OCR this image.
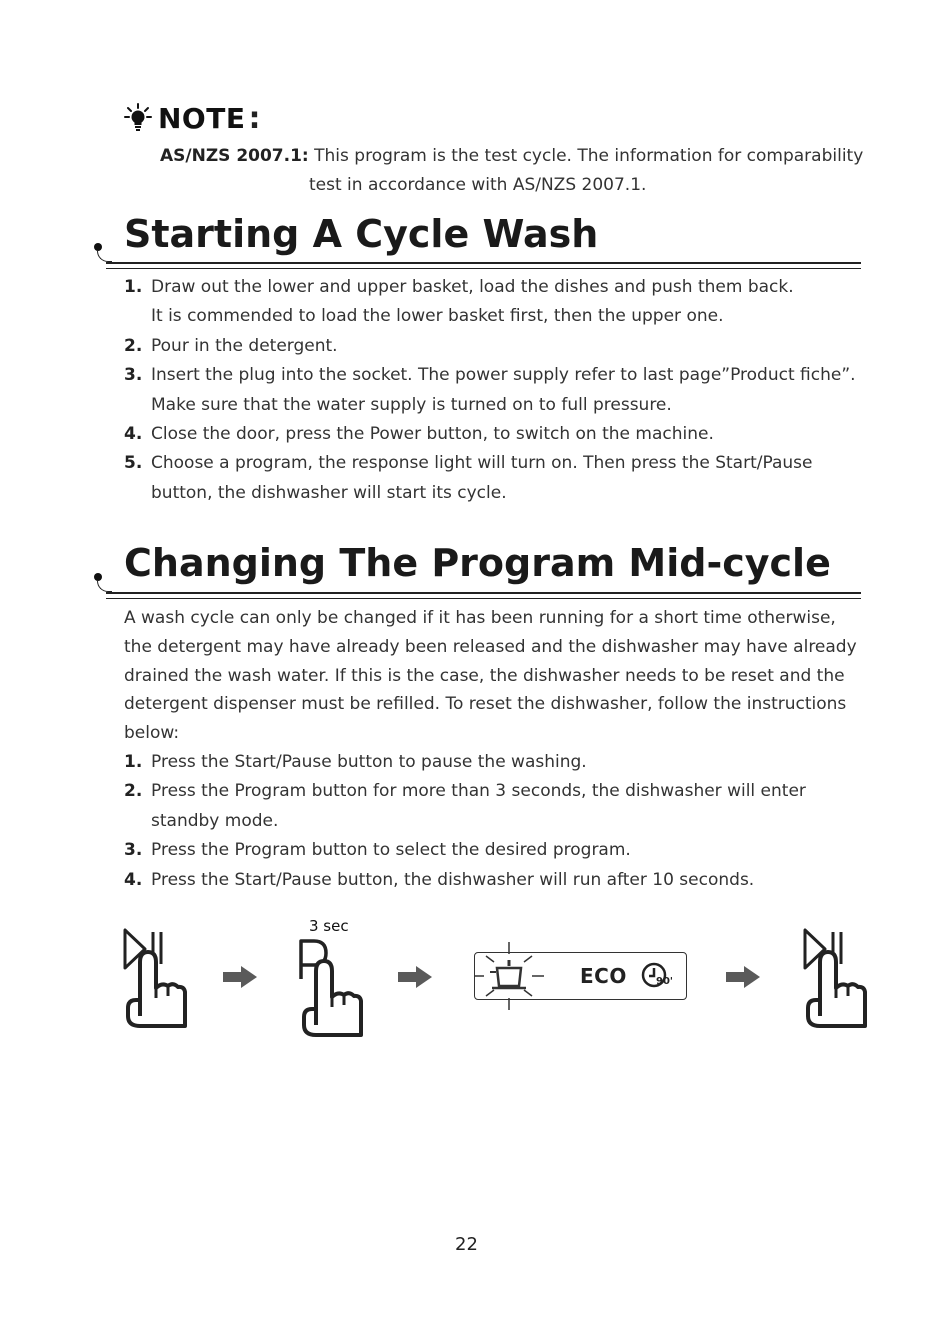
NOTE :
AS/NZS 2007.1: This program is the test cycle. The information for comparability
test in accordance with AS/NZS 2007.1.
Starting A Cycle Wash
1. Draw out the lower and upper basket, load the dishes and push them back.
It is commended to load the lower basket first, then the upper one.
2. Pour in the detergent.
3. Insert the plug into the socket. The power supply refer to last page”Product fiche”.
Make sure that the water supply is turned on to full pressure.
4. Close the door, press the Power button, to switch on the machine.
5. Choose a program, the response light will turn on. Then press the Start/Pause
button, the dishwasher will start its cycle.
Changing The Program Mid-cycle
A wash cycle can only be changed if it has been running for a short time otherwise,
the detergent may have already been released and the dishwasher may have already
drained the wash water. If this is the case, the dishwasher needs to be reset and the
detergent dispenser must be refilled. To reset the dishwasher, follow the instructions
below:
1. Press the Start/Pause button to pause the washing.
2. Press the Program button for more than 3 seconds, the dishwasher will enter
standby mode.
3. Press the Program button to select the desired program.
4. Press the Start/Pause button, the dishwasher will run after 10 seconds.
3 sec
ECO	90'
22
